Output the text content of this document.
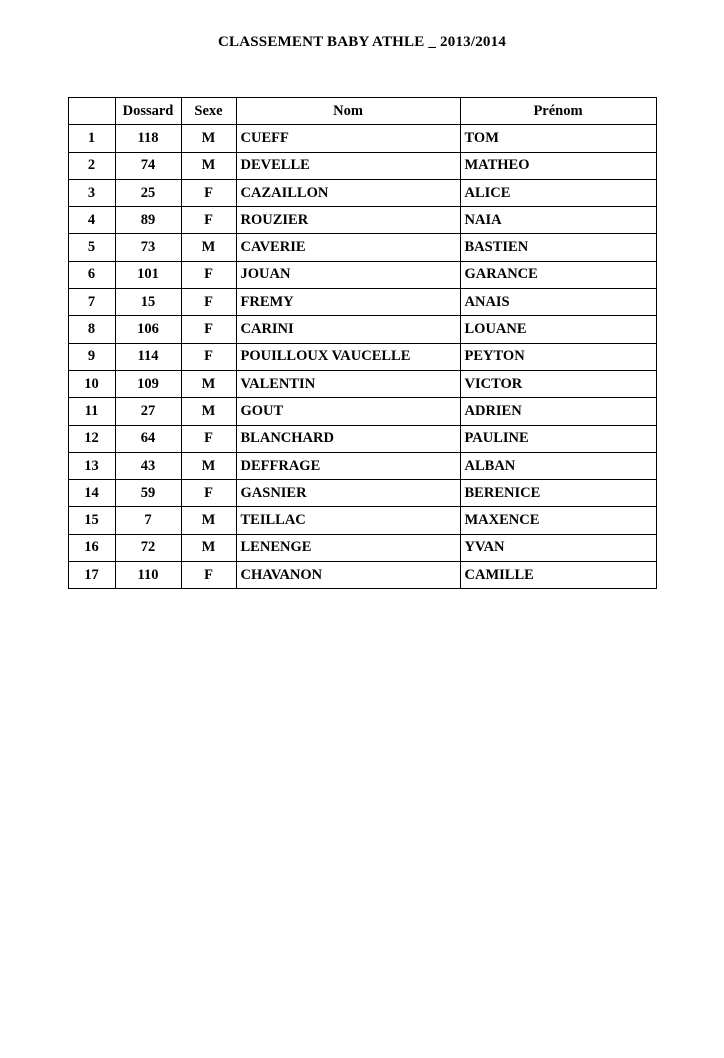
CLASSEMENT BABY ATHLE _ 2013/2014
	Dossard	Sexe	Nom	Prénom
1	118	M	CUEFF	TOM
2	74	M	DEVELLE	MATHEO
3	25	F	CAZAILLON	ALICE
4	89	F	ROUZIER	NAIA
5	73	M	CAVERIE	BASTIEN
6	101	F	JOUAN	GARANCE
7	15	F	FREMY	ANAIS
8	106	F	CARINI	LOUANE
9	114	F	POUILLOUX VAUCELLE	PEYTON
10	109	M	VALENTIN	VICTOR
11	27	M	GOUT	ADRIEN
12	64	F	BLANCHARD	PAULINE
13	43	M	DEFFRAGE	ALBAN
14	59	F	GASNIER	BERENICE
15	7	M	TEILLAC	MAXENCE
16	72	M	LENENGE	YVAN
17	110	F	CHAVANON	CAMILLE
